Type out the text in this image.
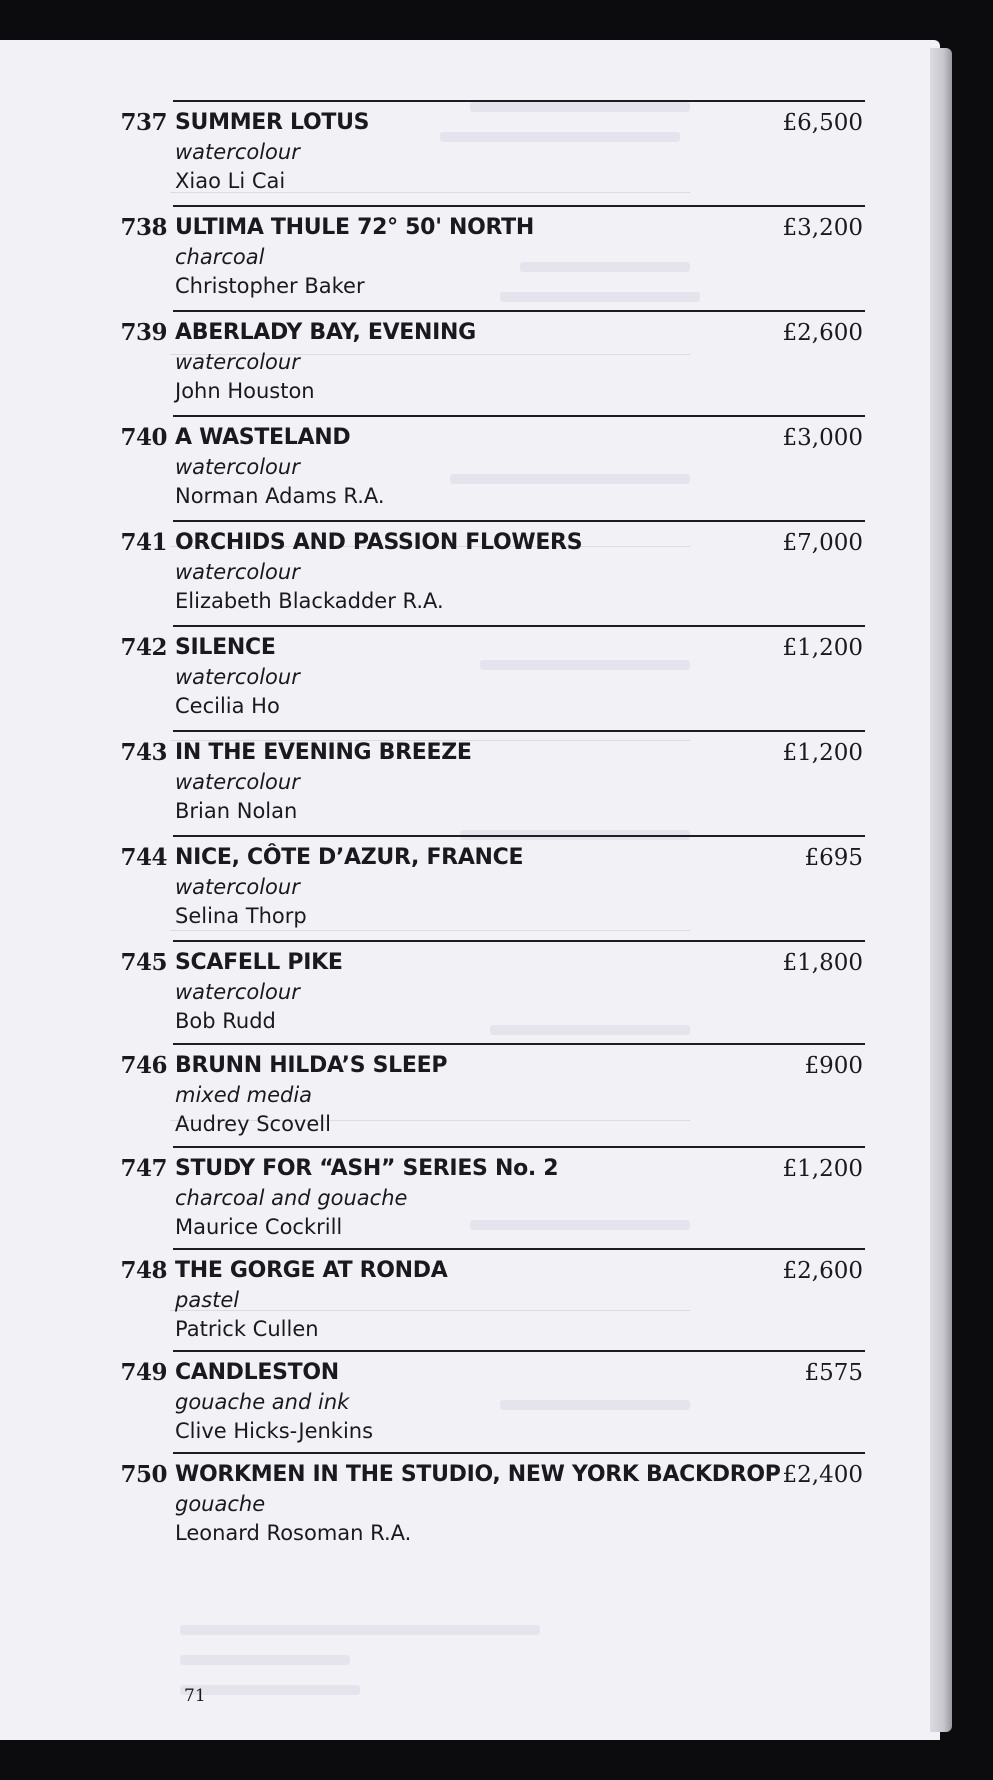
737 SUMMER LOTUS
watercolour
Xiao Li Cai
£6,500
738 ULTIMA THULE 72° 50' NORTH
charcoal
Christopher Baker
£3,200
739 ABERLADY BAY, EVENING
watercolour
John Houston
£2,600
740 A WASTELAND
watercolour
Norman Adams R.A.
£3,000
741 ORCHIDS AND PASSION FLOWERS
watercolour
Elizabeth Blackadder R.A.
£7,000
742 SILENCE
watercolour
Cecilia Ho
£1,200
743 IN THE EVENING BREEZE
watercolour
Brian Nolan
£1,200
744 NICE, CÔTE D’AZUR, FRANCE
watercolour
Selina Thorp
£695
745 SCAFELL PIKE
watercolour
Bob Rudd
£1,800
746 BRUNN HILDA’S SLEEP
mixed media
Audrey Scovell
£900
747 STUDY FOR “ASH” SERIES No. 2
charcoal and gouache
Maurice Cockrill
£1,200
748 THE GORGE AT RONDA
pastel
Patrick Cullen
£2,600
749 CANDLESTON
gouache and ink
Clive Hicks-Jenkins
£575
750 WORKMEN IN THE STUDIO, NEW YORK BACKDROP
gouache
Leonard Rosoman R.A.
£2,400
71
